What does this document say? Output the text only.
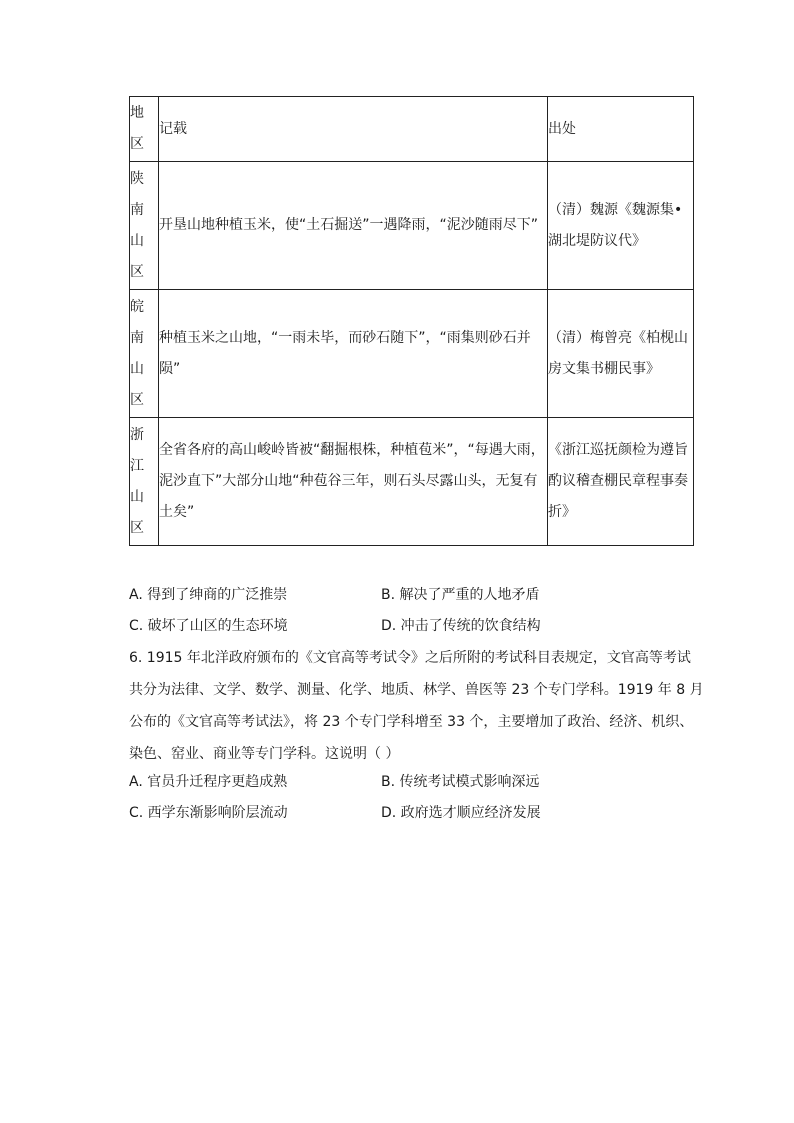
地
区	记载	出处

陕
南
山
区	开垦山地种植玉米，使“土石掘送”一遇降雨，“泥沙随雨尽下”	（清）魏源《魏源集•湖北堤防议代》

皖
南
山
区	种植玉米之山地，“一雨未毕，而砂石随下”，“雨集则砂石并陨”	（清）梅曾亮《柏枧山房文集书棚民事》

浙
江
山
区	全省各府的高山峻岭皆被“翻掘根株，种植苞米”，“每遇大雨，泥沙直下”大部分山地“种苞谷三年，则石头尽露山头，无复有土矣”	《浙江巡抚颜检为遵旨酌议稽查棚民章程事奏折》
A. 得到了绅商的广泛推崇	B. 解决了严重的人地矛盾
C. 破坏了山区的生态环境	D. 冲击了传统的饮食结构
6. 1915 年北洋政府颁布的《文官高等考试令》之后所附的考试科目表规定，文官高等考试
共分为法律、文学、数学、测量、化学、地质、林学、兽医等 23 个专门学科。1919 年 8 月
公布的《文官高等考试法》，将 23 个专门学科增至 33 个，主要增加了政治、经济、机织、
染色、窑业、商业等专门学科。这说明（ ）
A. 官员升迁程序更趋成熟	B. 传统考试模式影响深远
C. 西学东渐影响阶层流动	D. 政府选才顺应经济发展
